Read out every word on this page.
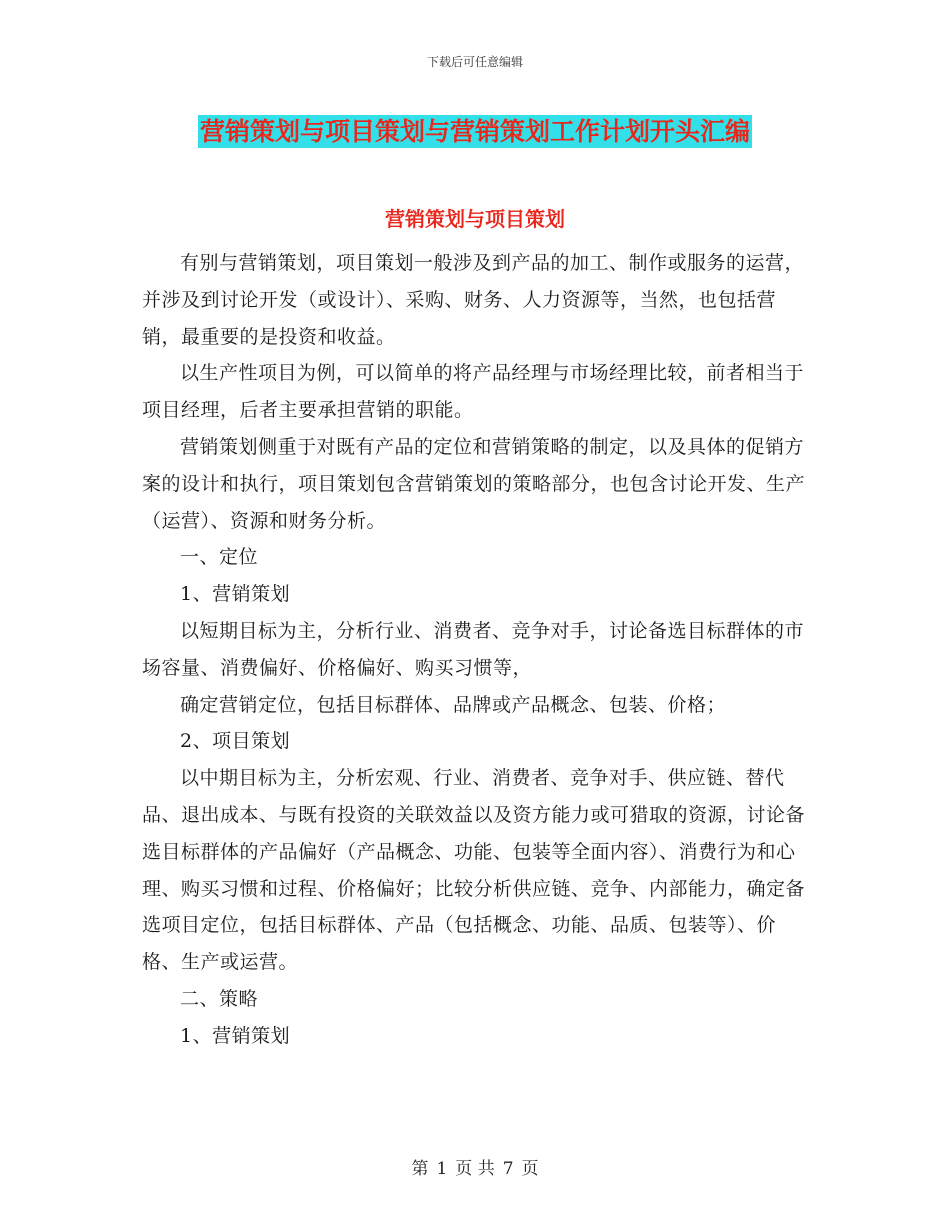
下载后可任意编辑
营销策划与项目策划与营销策划工作计划开头汇编
营销策划与项目策划

有别与营销策划，项目策划一般涉及到产品的加工、制作或服务的运营，并涉及到讨论开发（或设计）、采购、财务、人力资源等，当然，也包括营销，最重要的是投资和收益。

以生产性项目为例，可以简单的将产品经理与市场经理比较，前者相当于项目经理，后者主要承担营销的职能。

营销策划侧重于对既有产品的定位和营销策略的制定，以及具体的促销方案的设计和执行，项目策划包含营销策划的策略部分，也包含讨论开发、生产（运营）、资源和财务分析。

一、定位

1、营销策划

以短期目标为主，分析行业、消费者、竞争对手，讨论备选目标群体的市场容量、消费偏好、价格偏好、购买习惯等，

确定营销定位，包括目标群体、品牌或产品概念、包装、价格；

2、项目策划

以中期目标为主，分析宏观、行业、消费者、竞争对手、供应链、替代品、退出成本、与既有投资的关联效益以及资方能力或可猎取的资源，讨论备选目标群体的产品偏好（产品概念、功能、包装等全面内容）、消费行为和心理、购买习惯和过程、价格偏好；比较分析供应链、竞争、内部能力，确定备选项目定位，包括目标群体、产品（包括概念、功能、品质、包装等）、价格、生产或运营。

二、策略

1、营销策划

第 1 页 共 7 页
